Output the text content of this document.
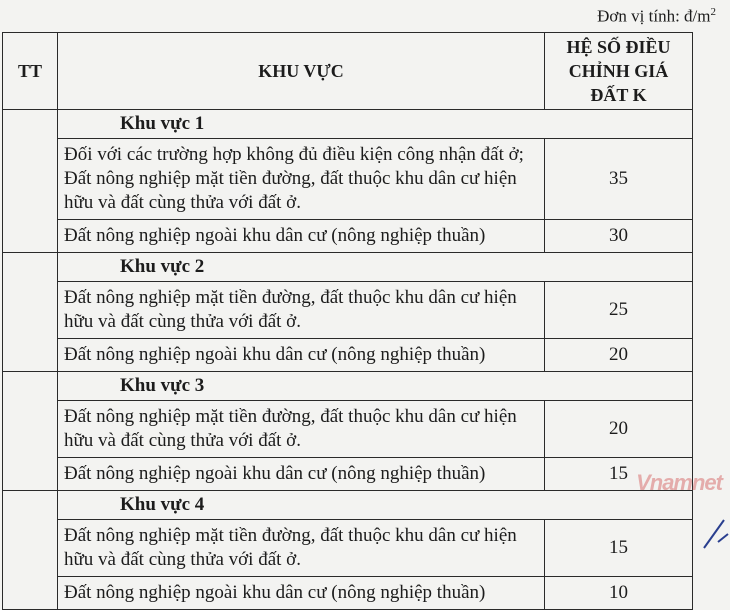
Đơn vị tính: $đ/m^2$
TT	KHU VỰC	HỆ SỐ ĐIỀU
CHỈNH GIÁ
ĐẤT K

	Khu vực 1	
	Đối với các trường hợp không đủ điều kiện công nhận đất ở; Đất nông nghiệp mặt tiền đường, đất thuộc khu dân cư hiện hữu và đất cùng thửa với đất ở.	35
	Đất nông nghiệp ngoài khu dân cư (nông nghiệp thuần)	30
	Khu vực 2	
	Đất nông nghiệp mặt tiền đường, đất thuộc khu dân cư hiện hữu và đất cùng thửa với đất ở.	25
	Đất nông nghiệp ngoài khu dân cư (nông nghiệp thuần)	20
	Khu vực 3	
	Đất nông nghiệp mặt tiền đường, đất thuộc khu dân cư hiện hữu và đất cùng thửa với đất ở.	20
	Đất nông nghiệp ngoài khu dân cư (nông nghiệp thuần)	15
	Khu vực 4	
	Đất nông nghiệp mặt tiền đường, đất thuộc khu dân cư hiện hữu và đất cùng thửa với đất ở.	15
	Đất nông nghiệp ngoài khu dân cư (nông nghiệp thuần)	10
Vnamnet
